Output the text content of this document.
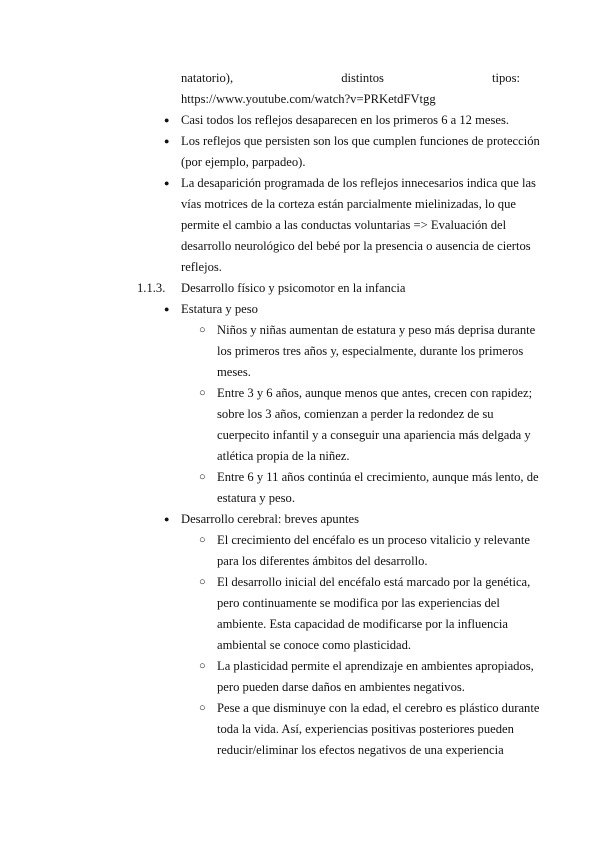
natatorio),	distintos	tipos:
https://www.youtube.com/watch?v=PRKetdFVtgg
● Casi todos los reflejos desaparecen en los primeros 6 a 12 meses.
● Los reflejos que persisten son los que cumplen funciones de protección
(por ejemplo, parpadeo).
● La desaparición programada de los reflejos innecesarios indica que las
vías motrices de la corteza están parcialmente mielinizadas, lo que
permite el cambio a las conductas voluntarias => Evaluación del
desarrollo neurológico del bebé por la presencia o ausencia de ciertos
reflejos.
1.1.3. Desarrollo físico y psicomotor en la infancia
● Estatura y peso
○ Niños y niñas aumentan de estatura y peso más deprisa durante
los primeros tres años y, especialmente, durante los primeros
meses.
○ Entre 3 y 6 años, aunque menos que antes, crecen con rapidez;
sobre los 3 años, comienzan a perder la redondez de su
cuerpecito infantil y a conseguir una apariencia más delgada y
atlética propia de la niñez.
○ Entre 6 y 11 años continúa el crecimiento, aunque más lento, de
estatura y peso.
● Desarrollo cerebral: breves apuntes
○ El crecimiento del encéfalo es un proceso vitalicio y relevante
para los diferentes ámbitos del desarrollo.
○ El desarrollo inicial del encéfalo está marcado por la genética,
pero continuamente se modifica por las experiencias del
ambiente. Esta capacidad de modificarse por la influencia
ambiental se conoce como plasticidad.
○ La plasticidad permite el aprendizaje en ambientes apropiados,
pero pueden darse daños en ambientes negativos.
○ Pese a que disminuye con la edad, el cerebro es plástico durante
toda la vida. Así, experiencias positivas posteriores pueden
reducir/eliminar los efectos negativos de una experiencia
